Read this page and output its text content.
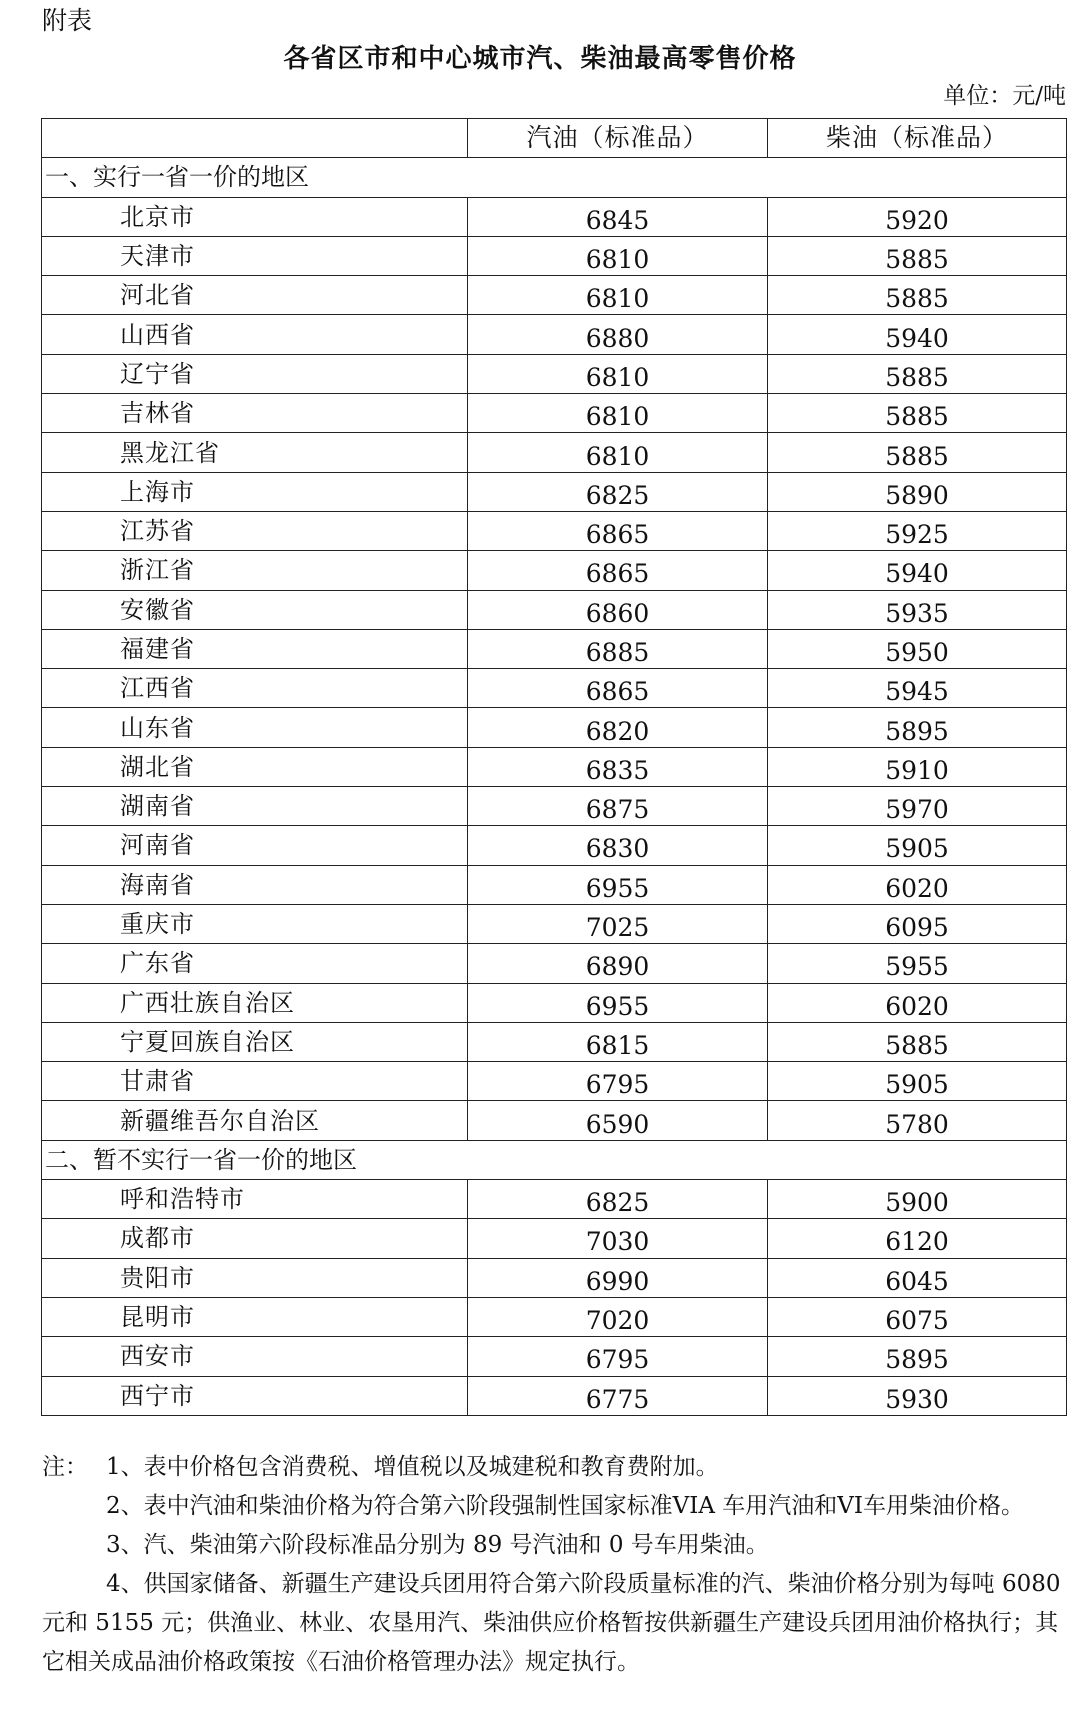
附表
各省区市和中心城市汽、柴油最高零售价格
单位：元/吨
	汽油（标准品）	柴油（标准品）
一、实行一省一价的地区		
北京市	6845	5920
天津市	6810	5885
河北省	6810	5885
山西省	6880	5940
辽宁省	6810	5885
吉林省	6810	5885
黑龙江省	6810	5885
上海市	6825	5890
江苏省	6865	5925
浙江省	6865	5940
安徽省	6860	5935
福建省	6885	5950
江西省	6865	5945
山东省	6820	5895
湖北省	6835	5910
湖南省	6875	5970
河南省	6830	5905
海南省	6955	6020
重庆市	7025	6095
广东省	6890	5955
广西壮族自治区	6955	6020
宁夏回族自治区	6815	5885
甘肃省	6795	5905
新疆维吾尔自治区	6590	5780
二、暂不实行一省一价的地区		
呼和浩特市	6825	5900
成都市	7030	6120
贵阳市	6990	6045
昆明市	7020	6075
西安市	6795	5895
西宁市	6775	5930

注： 1、表中价格包含消费税、增值税以及城建税和教育费附加。

2、表中汽油和柴油价格为符合第六阶段强制性国家标准VIA 车用汽油和VI车用柴油价格。

3、汽、柴油第六阶段标准品分别为 89 号汽油和 0 号车用柴油。

4、供国家储备、新疆生产建设兵团用符合第六阶段质量标准的汽、柴油价格分别为每吨 6080 元和 5155 元；供渔业、林业、农垦用汽、柴油供应价格暂按供新疆生产建设兵团用油价格执行；其它相关成品油价格政策按《石油价格管理办法》规定执行。
